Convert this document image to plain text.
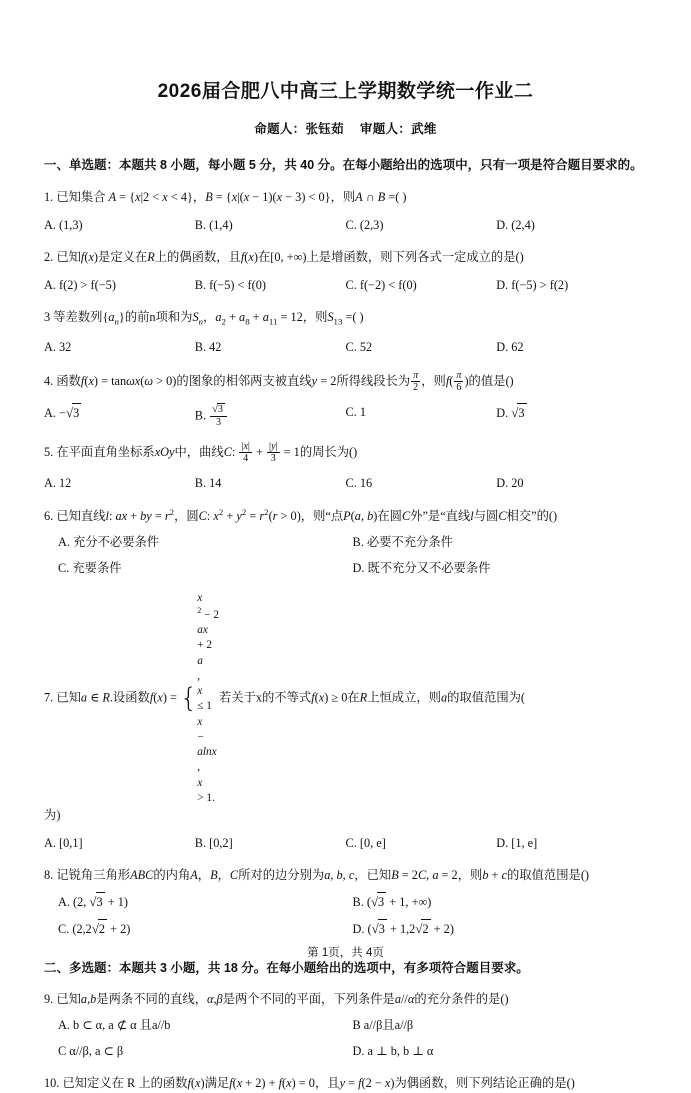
2026届合肥八中高三上学期数学统一作业二
命题人：张钰茹 审题人：武维
一、单选题：本题共 8 小题，每小题 5 分，共 40 分。在每小题给出的选项中，只有一项是符合题目要求的。
1. 已知集合 A = {x|2 < x < 4}，B = {x|(x − 1)(x − 3) < 0}，则A ∩ B =( )
A. (1,3)	B. (1,4)	C. (2,3)	D. (2,4)
2. 已知f(x)是定义在R上的偶函数，且f(x)在[0, +∞)上是增函数，则下列各式一定成立的是()
A. f(2) > f(−5)	B. f(−5) < f(0)	C. f(−2) < f(0)	D. f(−5) > f(2)
3 等差数列$\{a_n\}$的前n项和为$S_n$，$a_2 + a_8 + a_{11} = 12$，则$S_{13}$ =( )
A. 32	B. 42	C. 52	D. 62
4. 函数f(x) = tanωx(ω > 0)的图象的相邻两支被直线y = 2所得线段长为 $\frac{\pi}{2}$ ，则$f( \frac{\pi}{6}$ )的值是()
A. −√3	B. $\frac{√3}{3}$	C. 1	D. √3
5. 在平面直角坐标系xOy中，曲线C: $\frac{|x|}{4} + \frac{|y|}{3} = 1$的周长为()
A. 12	B. 14	C. 16	D. 20
6. 已知直线l: ax + by = $r^2$，圆C: $x^2 + y^2 = r^2(r > 0)$，则“点P(a, b)在圆C外”是“直线l与圆C相交”的()
A. 充分不必要条件	B. 必要不充分条件
C. 充要条件	D. 既不充分又不必要条件
7. 已知a ∈ R.设函数f(x) = {
x
$^2$ − 2
ax
+ 2
a
,
x
≤ 1
x
−
alnx
,
x
> 1.
若关于x的不等式f(x) ≥ 0在R上恒成立，则a的取值范围为(
为)
A. [0,1]	B. [0,2]	C. [0, e]	D. [1, e]
8. 记锐角三角形ABC的内角A，B，C所对的边分别为a, b, c，已知B = 2C, a = 2，则b + c的取值范围是()
A. (2, √3 + 1)	B. (√3 + 1, +∞)
C. (2,2√2 + 2)	D. (√3 + 1,2√2 + 2)
二、多选题：本题共 3 小题，共 18 分。在每小题给出的选项中，有多项符合题目要求。
9. 已知a,b是两条不同的直线，α,β是两个不同的平面，下列条件是a//α的充分条件的是()
A. b ⊂ α, a ⊄ α 且a//b	B a//β且a//β
C α//β, a ⊂ β	D. a ⊥ b, b ⊥ α
10. 已知定义在 R 上的函数f(x)满足f(x + 2) + f(x) = 0，且y = f(2 − x)为偶函数，则下列结论正确的是()
第 1页，共 4页
